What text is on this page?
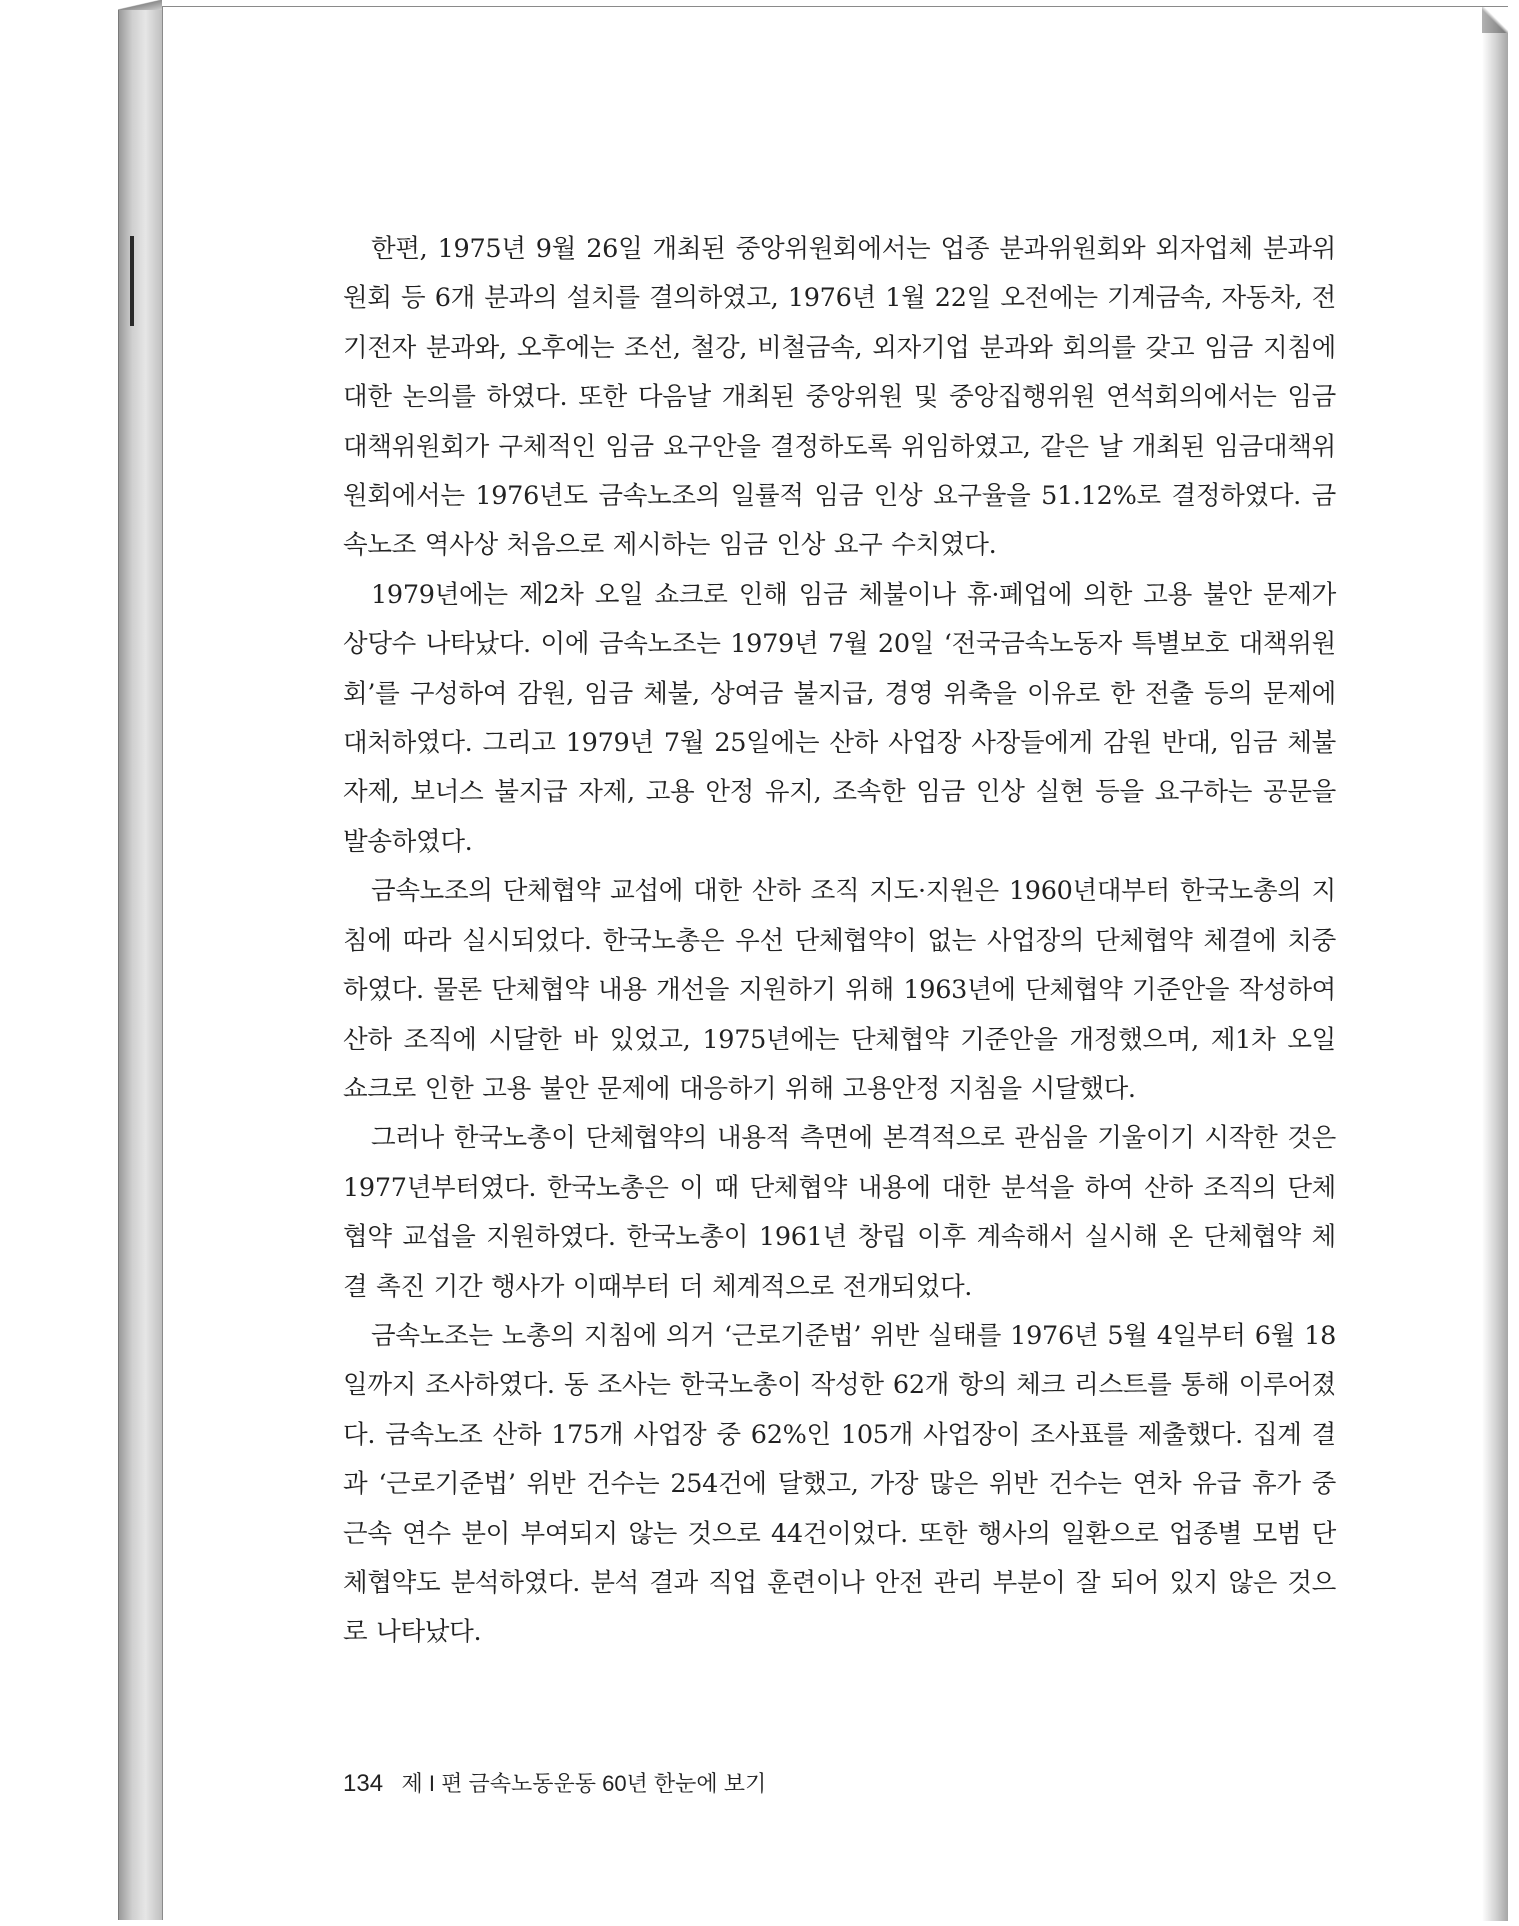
한편, 1975년 9월 26일 개최된 중앙위원회에서는 업종 분과위원회와 외자업체 분과위원회 등 6개 분과의 설치를 결의하였고, 1976년 1월 22일 오전에는 기계금속, 자동차, 전기전자 분과와, 오후에는 조선, 철강, 비철금속, 외자기업 분과와 회의를 갖고 임금 지침에 대한 논의를 하였다. 또한 다음날 개최된 중앙위원 및 중앙집행위원 연석회의에서는 임금대책위원회가 구체적인 임금 요구안을 결정하도록 위임하였고, 같은 날 개최된 임금대책위원회에서는 1976년도 금속노조의 일률적 임금 인상 요구율을 51.12%로 결정하였다. 금속노조 역사상 처음으로 제시하는 임금 인상 요구 수치였다.

1979년에는 제2차 오일 쇼크로 인해 임금 체불이나 휴·폐업에 의한 고용 불안 문제가 상당수 나타났다. 이에 금속노조는 1979년 7월 20일 ‘전국금속노동자 특별보호 대책위원회’를 구성하여 감원, 임금 체불, 상여금 불지급, 경영 위축을 이유로 한 전출 등의 문제에 대처하였다. 그리고 1979년 7월 25일에는 산하 사업장 사장들에게 감원 반대, 임금 체불 자제, 보너스 불지급 자제, 고용 안정 유지, 조속한 임금 인상 실현 등을 요구하는 공문을 발송하였다.

금속노조의 단체협약 교섭에 대한 산하 조직 지도·지원은 1960년대부터 한국노총의 지침에 따라 실시되었다. 한국노총은 우선 단체협약이 없는 사업장의 단체협약 체결에 치중하였다. 물론 단체협약 내용 개선을 지원하기 위해 1963년에 단체협약 기준안을 작성하여 산하 조직에 시달한 바 있었고, 1975년에는 단체협약 기준안을 개정했으며, 제1차 오일 쇼크로 인한 고용 불안 문제에 대응하기 위해 고용안정 지침을 시달했다.

그러나 한국노총이 단체협약의 내용적 측면에 본격적으로 관심을 기울이기 시작한 것은 1977년부터였다. 한국노총은 이 때 단체협약 내용에 대한 분석을 하여 산하 조직의 단체협약 교섭을 지원하였다. 한국노총이 1961년 창립 이후 계속해서 실시해 온 단체협약 체결 촉진 기간 행사가 이때부터 더 체계적으로 전개되었다.

금속노조는 노총의 지침에 의거 ‘근로기준법’ 위반 실태를 1976년 5월 4일부터 6월 18일까지 조사하였다. 동 조사는 한국노총이 작성한 62개 항의 체크 리스트를 통해 이루어졌다. 금속노조 산하 175개 사업장 중 62%인 105개 사업장이 조사표를 제출했다. 집계 결과 ‘근로기준법’ 위반 건수는 254건에 달했고, 가장 많은 위반 건수는 연차 유급 휴가 중 근속 연수 분이 부여되지 않는 것으로 44건이었다. 또한 행사의 일환으로 업종별 모범 단체협약도 분석하였다. 분석 결과 직업 훈련이나 안전 관리 부분이 잘 되어 있지 않은 것으로 나타났다.

134 제 I 편 금속노동운동 60년 한눈에 보기
